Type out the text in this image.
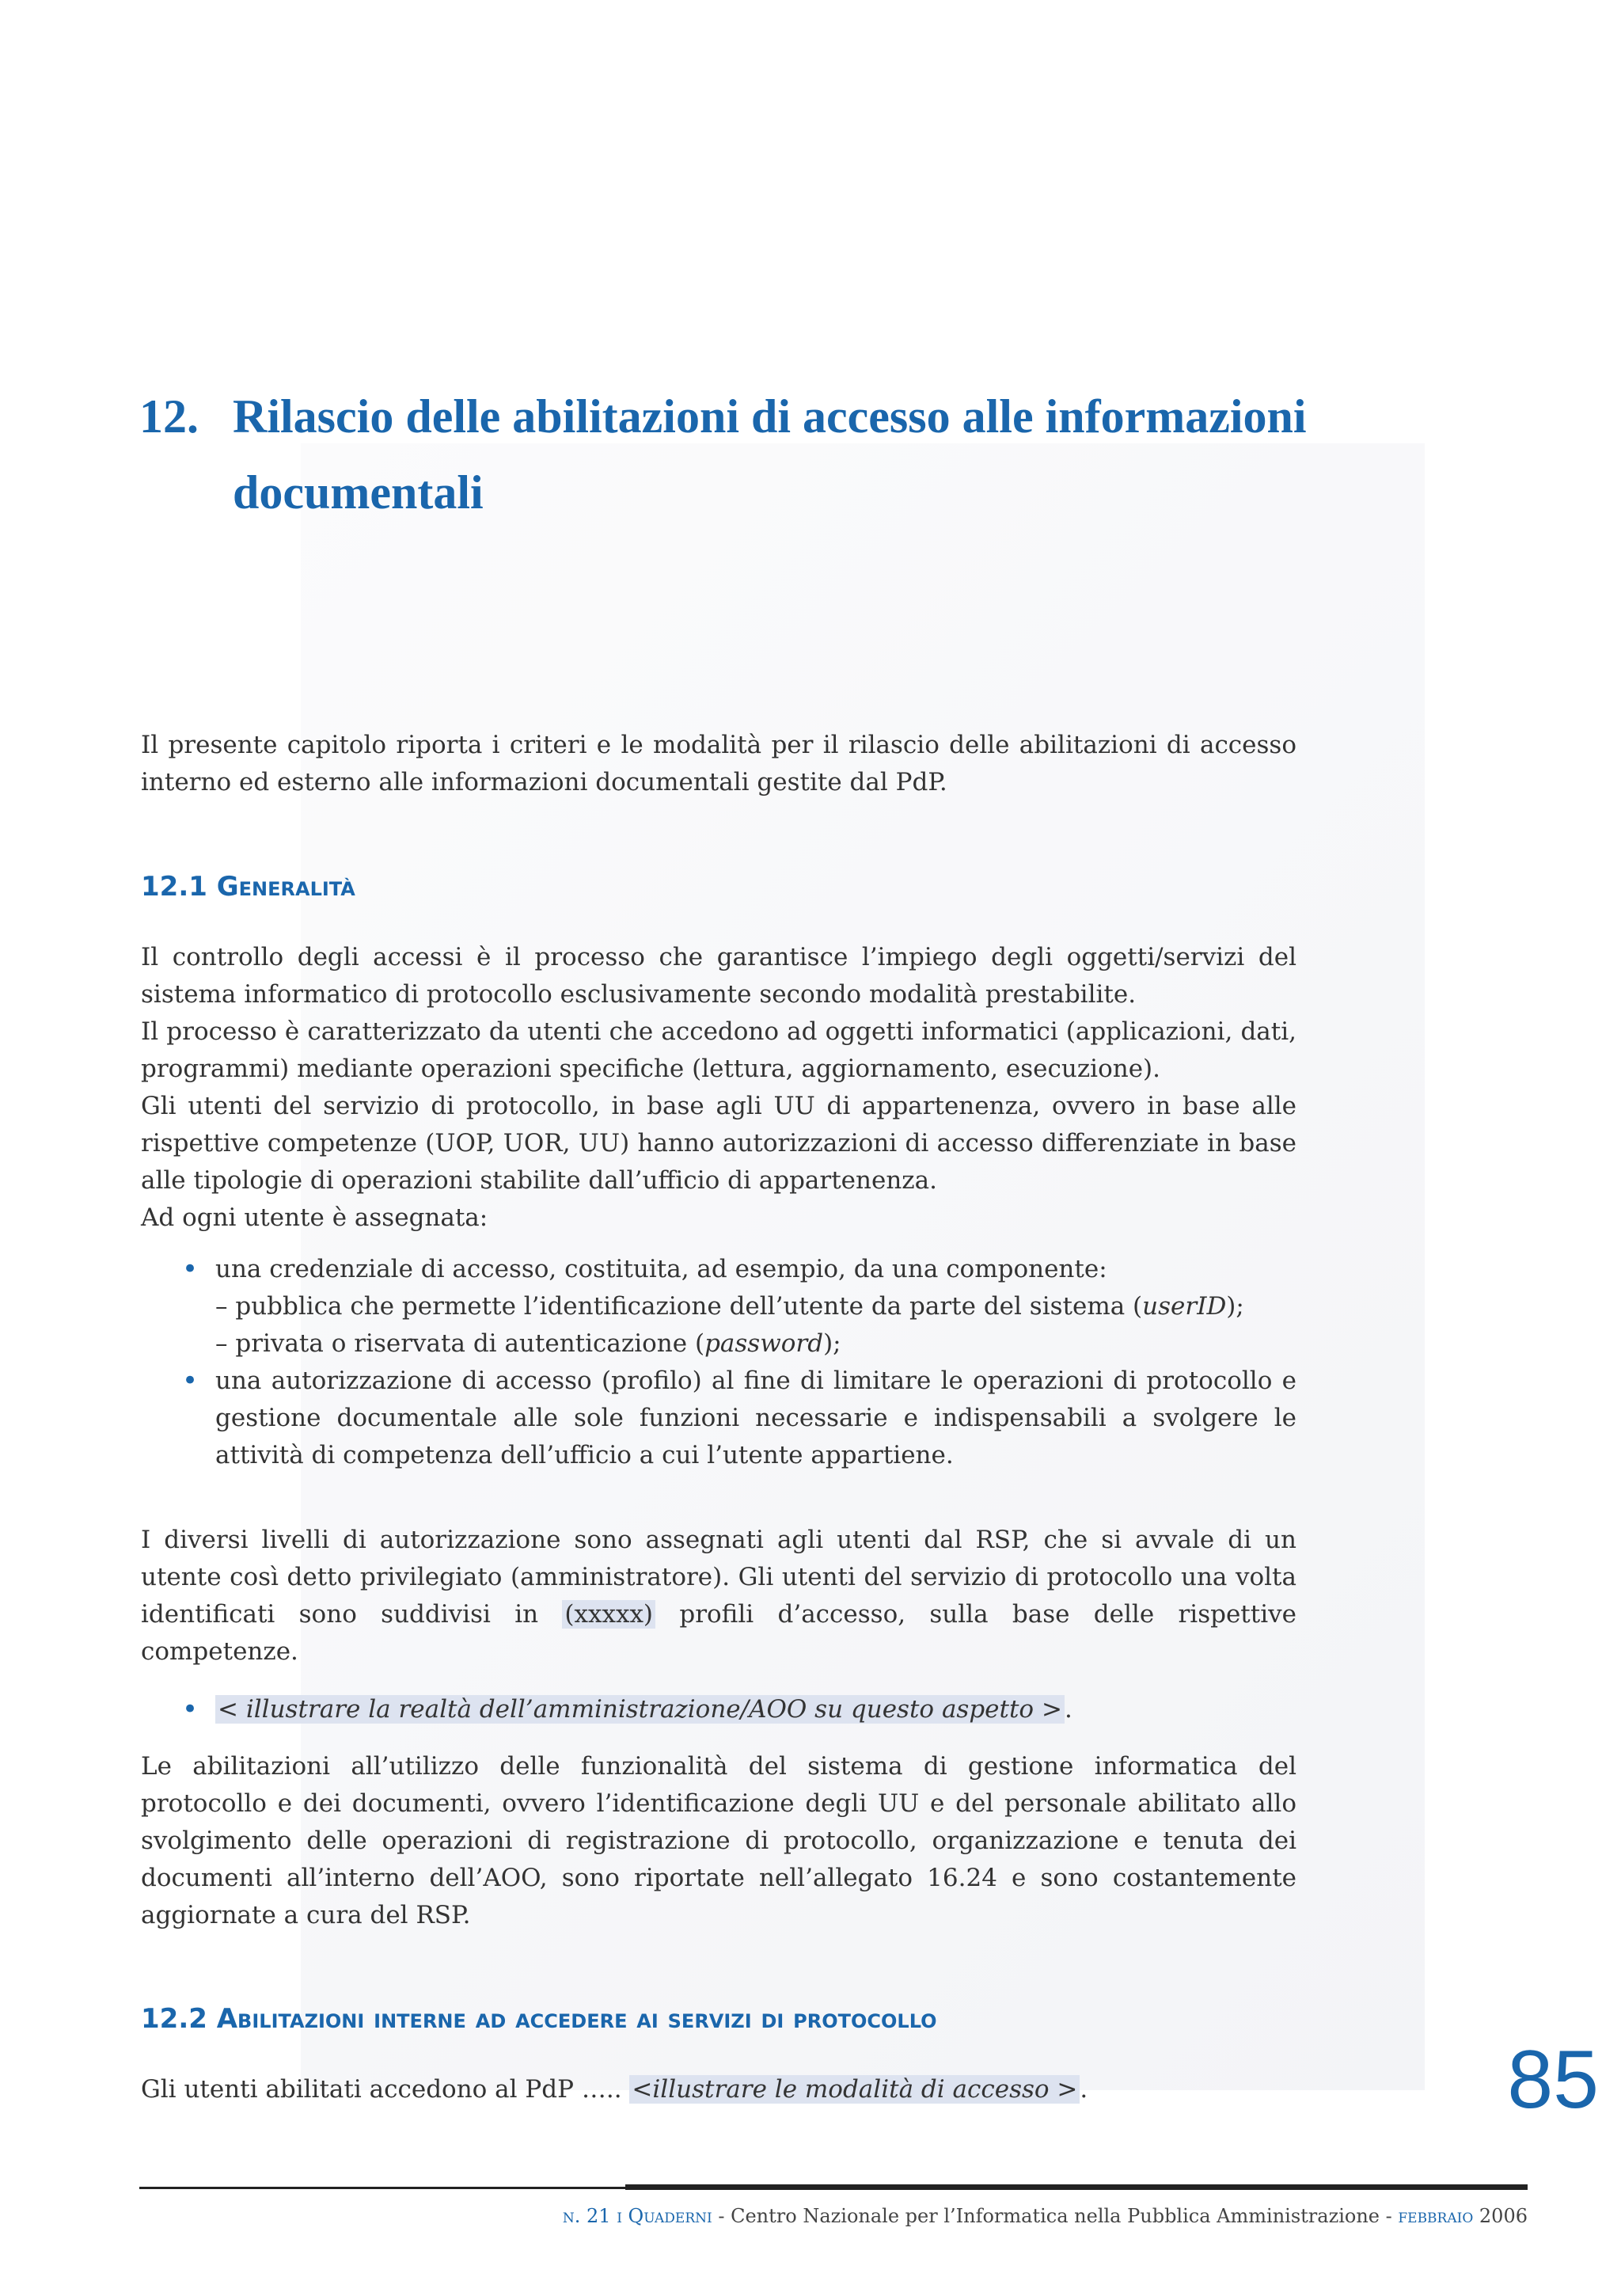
12. Rilascio delle abilitazioni di accesso alle informazioni documentali

Il presente capitolo riporta i criteri e le modalità per il rilascio delle abilitazioni di accesso interno ed esterno alle informazioni documentali gestite dal PdP.

12.1 Generalità
Il controllo degli accessi è il processo che garantisce l’impiego degli oggetti/servizi del sistema informatico di protocollo esclusivamente secondo modalità prestabilite.
Il processo è caratterizzato da utenti che accedono ad oggetti informatici (applicazioni, dati, programmi) mediante operazioni specifiche (lettura, aggiornamento, esecuzione).
Gli utenti del servizio di protocollo, in base agli UU di appartenenza, ovvero in base alle rispettive competenze (UOP, UOR, UU) hanno autorizzazioni di accesso differenziate in base alle tipologie di operazioni stabilite dall’ufficio di appartenenza.
Ad ogni utente è assegnata:
• una credenziale di accesso, costituita, ad esempio, da una componente:
– pubblica che permette l’identificazione dell’utente da parte del sistema (userID);
– privata o riservata di autenticazione (password);
• una autorizzazione di accesso (profilo) al fine di limitare le operazioni di protocollo e gestione documentale alle sole funzioni necessarie e indispensabili a svolgere le attività di competenza dell’ufficio a cui l’utente appartiene.

I diversi livelli di autorizzazione sono assegnati agli utenti dal RSP, che si avvale di un utente così detto privilegiato (amministratore). Gli utenti del servizio di protocollo una volta identificati sono suddivisi in (xxxxx) profili d’accesso, sulla base delle rispettive competenze.

• < illustrare la realtà dell’amministrazione/AOO su questo aspetto >.

Le abilitazioni all’utilizzo delle funzionalità del sistema di gestione informatica del protocollo e dei documenti, ovvero l’identificazione degli UU e del personale abilitato allo svolgimento delle operazioni di registrazione di protocollo, organizzazione e tenuta dei documenti all’interno dell’AOO, sono riportate nell’allegato 16.24 e sono costantemente aggiornate a cura del RSP.

12.2 Abilitazioni interne ad accedere ai servizi di protocollo

Gli utenti abilitati accedono al PdP ….. <illustrare le modalità di accesso >.	85

n. 21 i Quaderni - Centro Nazionale per l’Informatica nella Pubblica Amministrazione - febbraio 2006
